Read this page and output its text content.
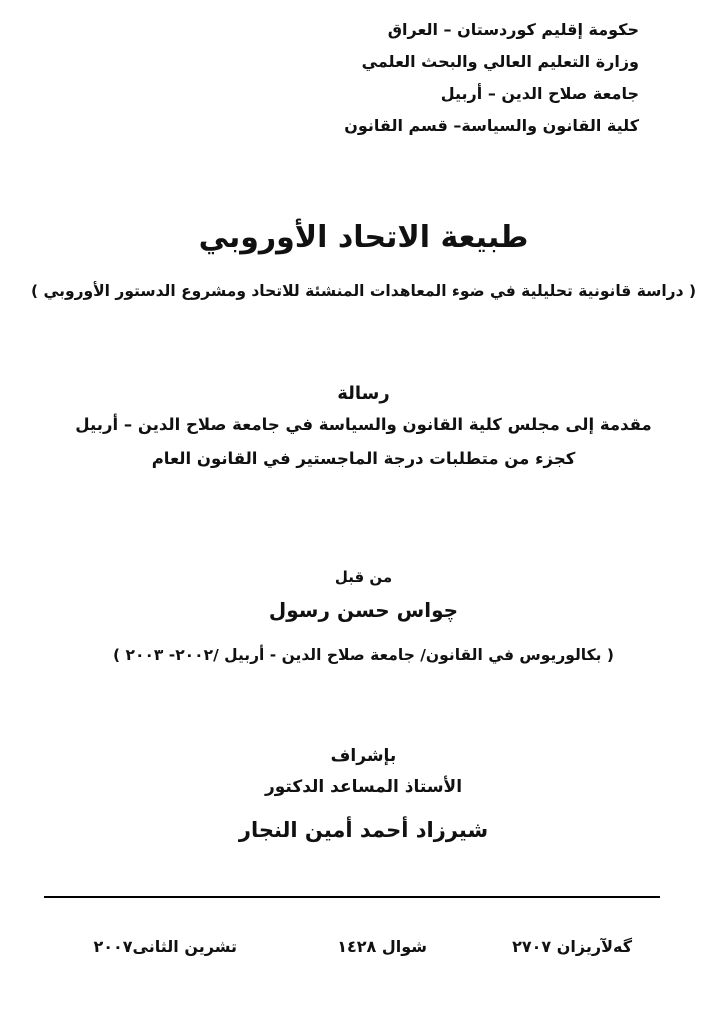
حكومة إقليم كوردستان – العراق
وزارة التعليم العالي والبحث العلمي
جامعة صلاح الدين – أربيل
كلية القانون والسياسة– قسم القانون
طبيعة الاتحاد الأوروبي
( دراسة قانونية تحليلية في ضوء المعاهدات المنشئة للاتحاد ومشروع الدستور الأوروبي )
رسالة
مقدمة إلى مجلس كلية القانون والسياسة في جامعة صلاح الدين – أربيل
كجزء من متطلبات درجة الماجستير في القانون العام
من قبل
چواس حسن رسول
( بكالوريوس في القانون/ جامعة صلاح الدين - أربيل /٢٠٠٢- ٢٠٠٣ )
بإشراف
الأستاذ المساعد الدكتور
شيرزاد أحمد أمين النجار
گەلآريزان ٢٧٠٧
شوال ١٤٢٨
تشرين الثانى٢٠٠٧
